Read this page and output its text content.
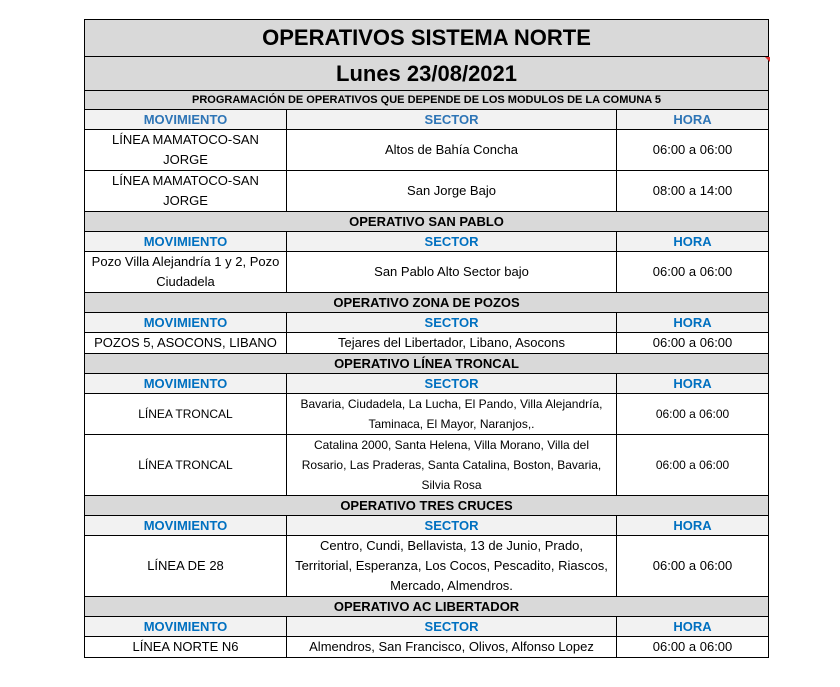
OPERATIVOS SISTEMA NORTE		
Lunes 23/08/2021		
PROGRAMACIÓN DE OPERATIVOS QUE DEPENDE DE LOS MODULOS DE LA COMUNA 5		
MOVIMIENTO	SECTOR	HORA
LÍNEA MAMATOCO-SAN JORGE	Altos de Bahía Concha	06:00 a 06:00
LÍNEA MAMATOCO-SAN JORGE	San Jorge Bajo	08:00 a 14:00
OPERATIVO SAN PABLO		
MOVIMIENTO	SECTOR	HORA
Pozo Villa Alejandría 1 y 2, Pozo Ciudadela	San Pablo Alto Sector bajo	06:00 a 06:00
OPERATIVO ZONA DE POZOS		
MOVIMIENTO	SECTOR	HORA
POZOS 5, ASOCONS, LIBANO	Tejares del Libertador, Libano, Asocons	06:00 a 06:00
OPERATIVO LÍNEA TRONCAL		
MOVIMIENTO	SECTOR	HORA
LÍNEA TRONCAL	Bavaria, Ciudadela, La Lucha, El Pando, Villa Alejandría, Taminaca, El Mayor, Naranjos,.	06:00 a 06:00
LÍNEA TRONCAL	Catalina 2000, Santa Helena, Villa Morano, Villa del Rosario, Las Praderas, Santa Catalina, Boston, Bavaria, Silvia Rosa	06:00 a 06:00
OPERATIVO TRES CRUCES		
MOVIMIENTO	SECTOR	HORA
LÍNEA DE 28	Centro, Cundi, Bellavista, 13 de Junio, Prado, Territorial, Esperanza, Los Cocos, Pescadito, Riascos, Mercado, Almendros.	06:00 a 06:00
OPERATIVO AC LIBERTADOR		
MOVIMIENTO	SECTOR	HORA
LÍNEA NORTE N6	Almendros, San Francisco, Olivos, Alfonso Lopez	06:00 a 06:00
